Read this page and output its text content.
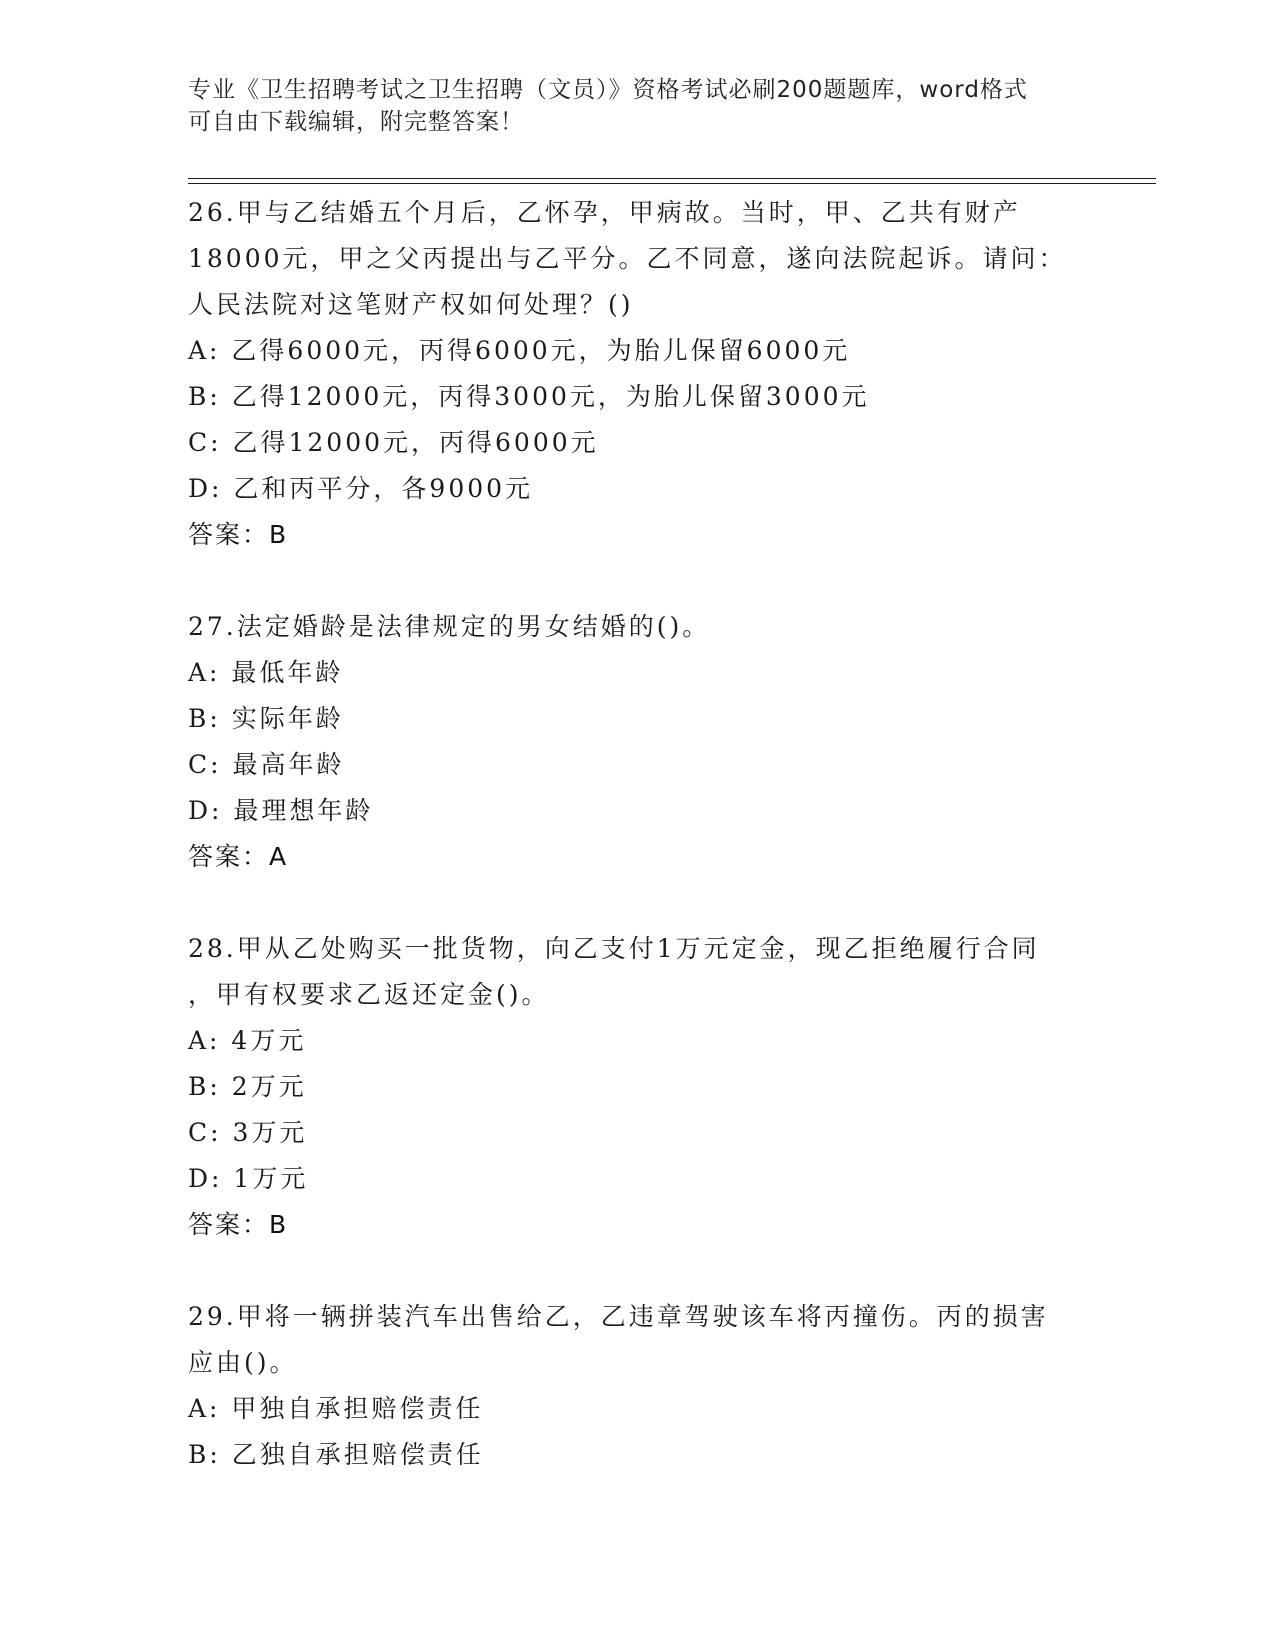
专业《卫生招聘考试之卫生招聘（文员）》资格考试必刷200题题库，word格式
可自由下载编辑，附完整答案！
26.甲与乙结婚五个月后，乙怀孕，甲病故。当时，甲、乙共有财产
18000元，甲之父丙提出与乙平分。乙不同意，遂向法院起诉。请问：
人民法院对这笔财产权如何处理？()
A: 乙得6000元，丙得6000元，为胎儿保留6000元
B: 乙得12000元，丙得3000元，为胎儿保留3000元
C: 乙得12000元，丙得6000元
D: 乙和丙平分，各9000元
答案：B
27.法定婚龄是法律规定的男女结婚的()。
A: 最低年龄
B: 实际年龄
C: 最高年龄
D: 最理想年龄
答案：A
28.甲从乙处购买一批货物，向乙支付1万元定金，现乙拒绝履行合同
，甲有权要求乙返还定金()。
A: 4万元
B: 2万元
C: 3万元
D: 1万元
答案：B
29.甲将一辆拼装汽车出售给乙，乙违章驾驶该车将丙撞伤。丙的损害
应由()。
A: 甲独自承担赔偿责任
B: 乙独自承担赔偿责任
